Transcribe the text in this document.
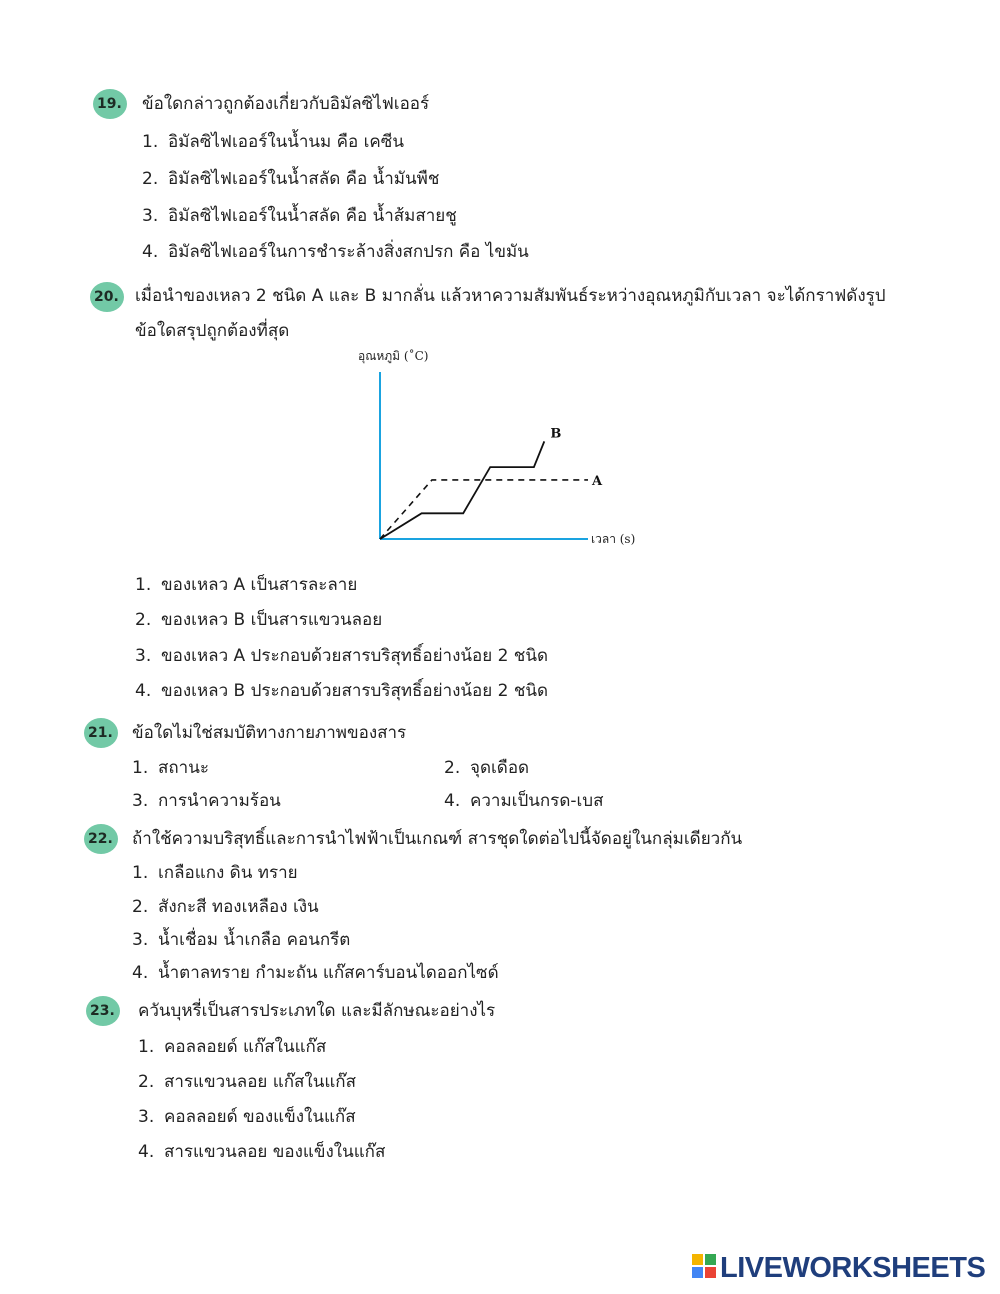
19.	ข้อใดกล่าวถูกต้องเกี่ยวกับอิมัลซิไฟเออร์
1. อิมัลซิไฟเออร์ในน้ำนม คือ เคซีน
2. อิมัลซิไฟเออร์ในน้ำสลัด คือ น้ำมันพืช
3. อิมัลซิไฟเออร์ในน้ำสลัด คือ น้ำส้มสายชู
4. อิมัลซิไฟเออร์ในการชำระล้างสิ่งสกปรก คือ ไขมัน
20. เมื่อนำของเหลว 2 ชนิด A และ B มากลั่น แล้วหาความสัมพันธ์ระหว่างอุณหภูมิกับเวลา จะได้กราฟดังรูป
ข้อใดสรุปถูกต้องที่สุด
อุณหภูมิ (˚C)
เวลา (s)
A
B
1. ของเหลว A เป็นสารละลาย
2. ของเหลว B เป็นสารแขวนลอย
3. ของเหลว A ประกอบด้วยสารบริสุทธิ์อย่างน้อย 2 ชนิด
4. ของเหลว B ประกอบด้วยสารบริสุทธิ์อย่างน้อย 2 ชนิด
21.	ข้อใดไม่ใช่สมบัติทางกายภาพของสาร
1. สถานะ	2. จุดเดือด
3. การนำความร้อน	4. ความเป็นกรด-เบส
22.	ถ้าใช้ความบริสุทธิ์และการนำไฟฟ้าเป็นเกณฑ์ สารชุดใดต่อไปนี้จัดอยู่ในกลุ่มเดียวกัน
1. เกลือแกง ดิน ทราย
2. สังกะสี ทองเหลือง เงิน
3. น้ำเชื่อม น้ำเกลือ คอนกรีต
4. น้ำตาลทราย กำมะถัน แก๊สคาร์บอนไดออกไซด์
23.	ควันบุหรี่เป็นสารประเภทใด และมีลักษณะอย่างไร
1. คอลลอยด์ แก๊สในแก๊ส
2. สารแขวนลอย แก๊สในแก๊ส
3. คอลลอยด์ ของแข็งในแก๊ส
4. สารแขวนลอย ของแข็งในแก๊ส
LIVEWORKSHEETS
